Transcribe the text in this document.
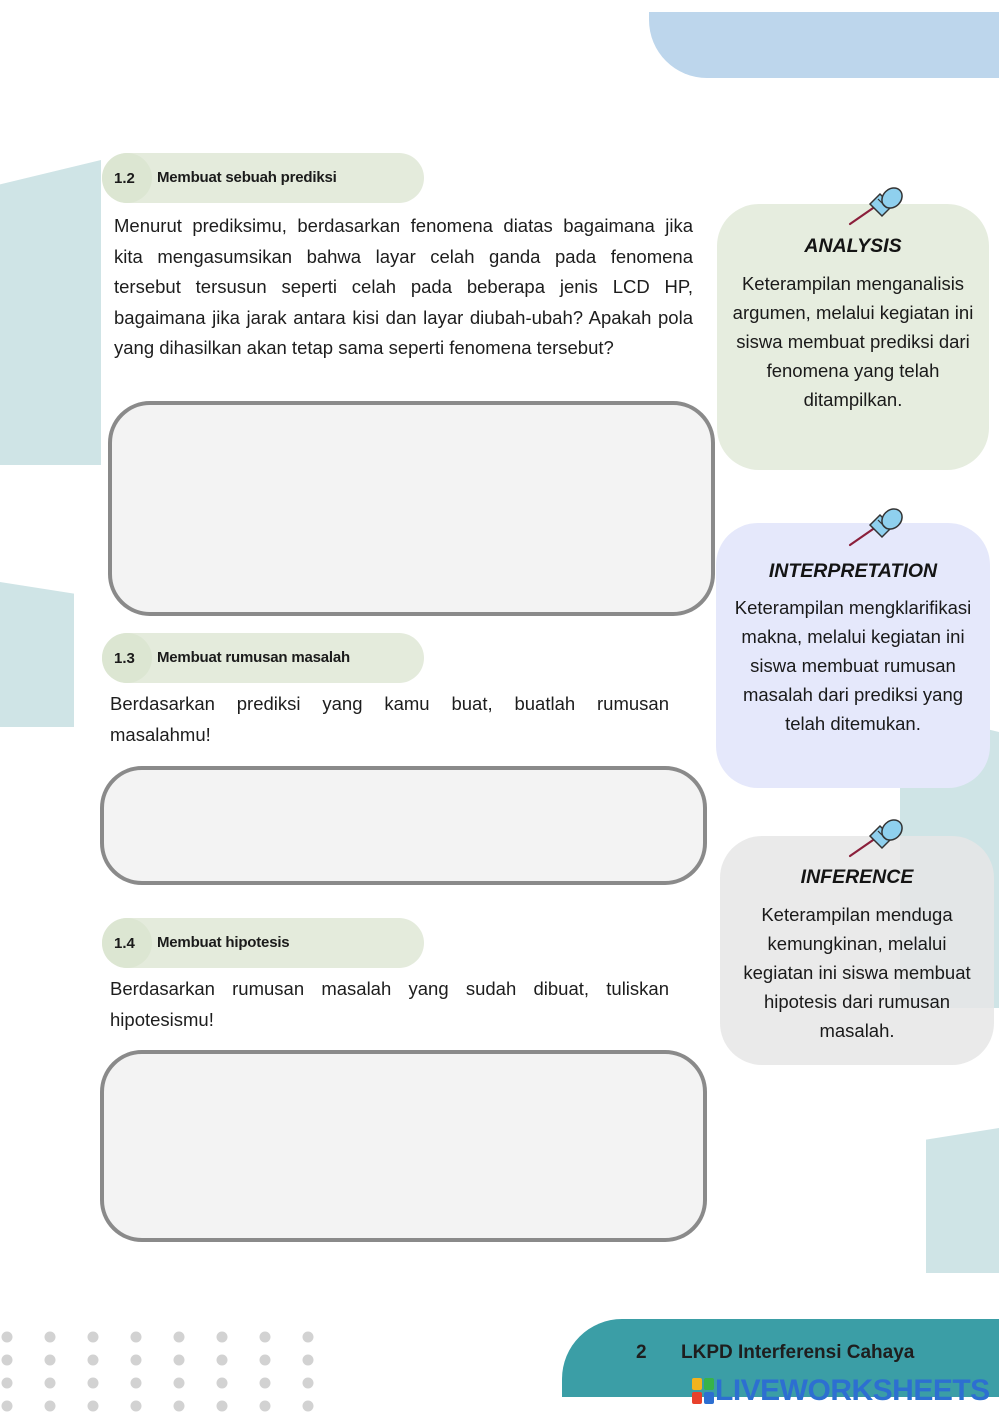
1.2 Membuat sebuah prediksi

Menurut prediksimu, berdasarkan fenomena diatas bagaimana jika kita mengasumsikan bahwa layar celah ganda pada fenomena tersebut tersusun seperti celah pada beberapa jenis LCD HP, bagaimana jika jarak antara kisi dan layar diubah-ubah? Apakah pola yang dihasilkan akan tetap sama seperti fenomena tersebut?

1.3 Membuat rumusan masalah

Berdasarkan prediksi yang kamu buat, buatlah rumusan masalahmu!

1.4 Membuat hipotesis

Berdasarkan rumusan masalah yang sudah dibuat, tuliskan hipotesismu!

ANALYSIS
Keterampilan menganalisis argumen, melalui kegiatan ini siswa membuat prediksi dari fenomena yang telah ditampilkan.
INTERPRETATION
Keterampilan mengklarifikasi makna, melalui kegiatan ini siswa membuat rumusan masalah dari prediksi yang telah ditemukan.
INFERENCE
Keterampilan menduga kemungkinan, melalui kegiatan ini siswa membuat hipotesis dari rumusan masalah.
2 LKPD Interferensi Cahaya
LIVEWORKSHEETS
